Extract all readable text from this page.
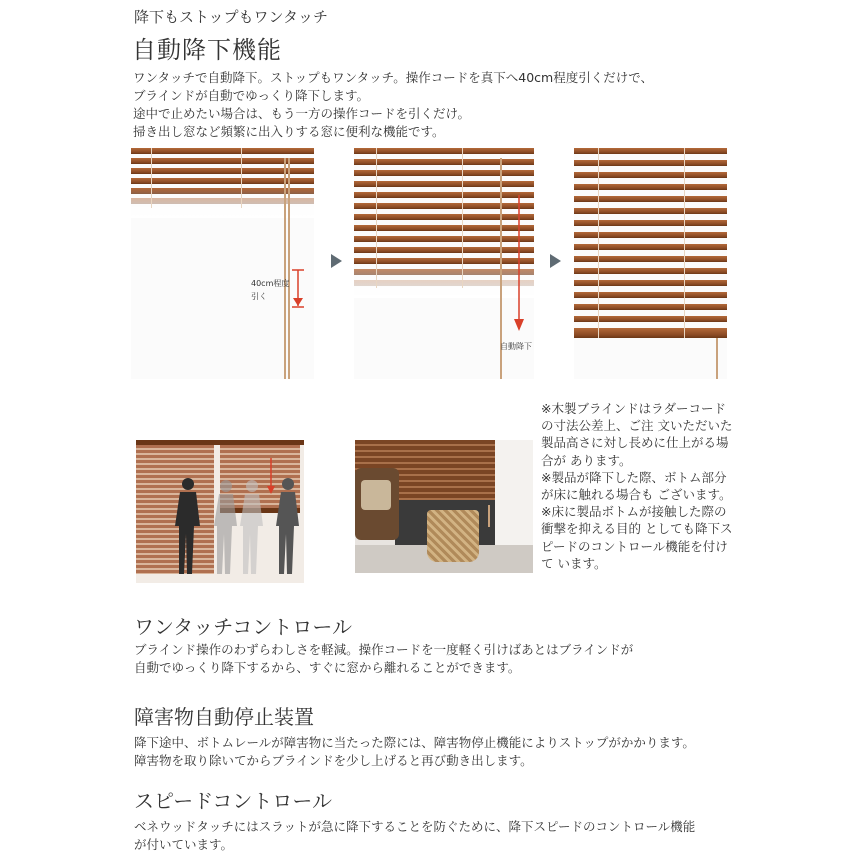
降下もストップもワンタッチ
自動降下機能
ワンタッチで自動降下。ストップもワンタッチ。操作コードを真下へ40cm程度引くだけで、
ブラインドが自動でゆっくり降下します。
途中で止めたい場合は、もう一方の操作コードを引くだけ。
掃き出し窓など頻繁に出入りする窓に便利な機能です。
40cm程度
引く
自動降下
※木製ブラインドはラダーコードの寸法公差上、ご注 文いただいた製品高さに対し長めに仕上がる場合が あります。
※製品が降下した際、ボトム部分が床に触れる場合も ございます。
※床に製品ボトムが接触した際の衝撃を抑える目的 としても降下スピードのコントロール機能を付けて います。
ワンタッチコントロール
ブラインド操作のわずらわしさを軽減。操作コードを一度軽く引けばあとはブラインドが
自動でゆっくり降下するから、すぐに窓から離れることができます。
障害物自動停止装置
降下途中、ボトムレールが障害物に当たった際には、障害物停止機能によりストップがかかります。
障害物を取り除いてからブラインドを少し上げると再び動き出します。
スピードコントロール
ベネウッドタッチにはスラットが急に降下することを防ぐために、降下スピードのコントロール機能
が付いています。
